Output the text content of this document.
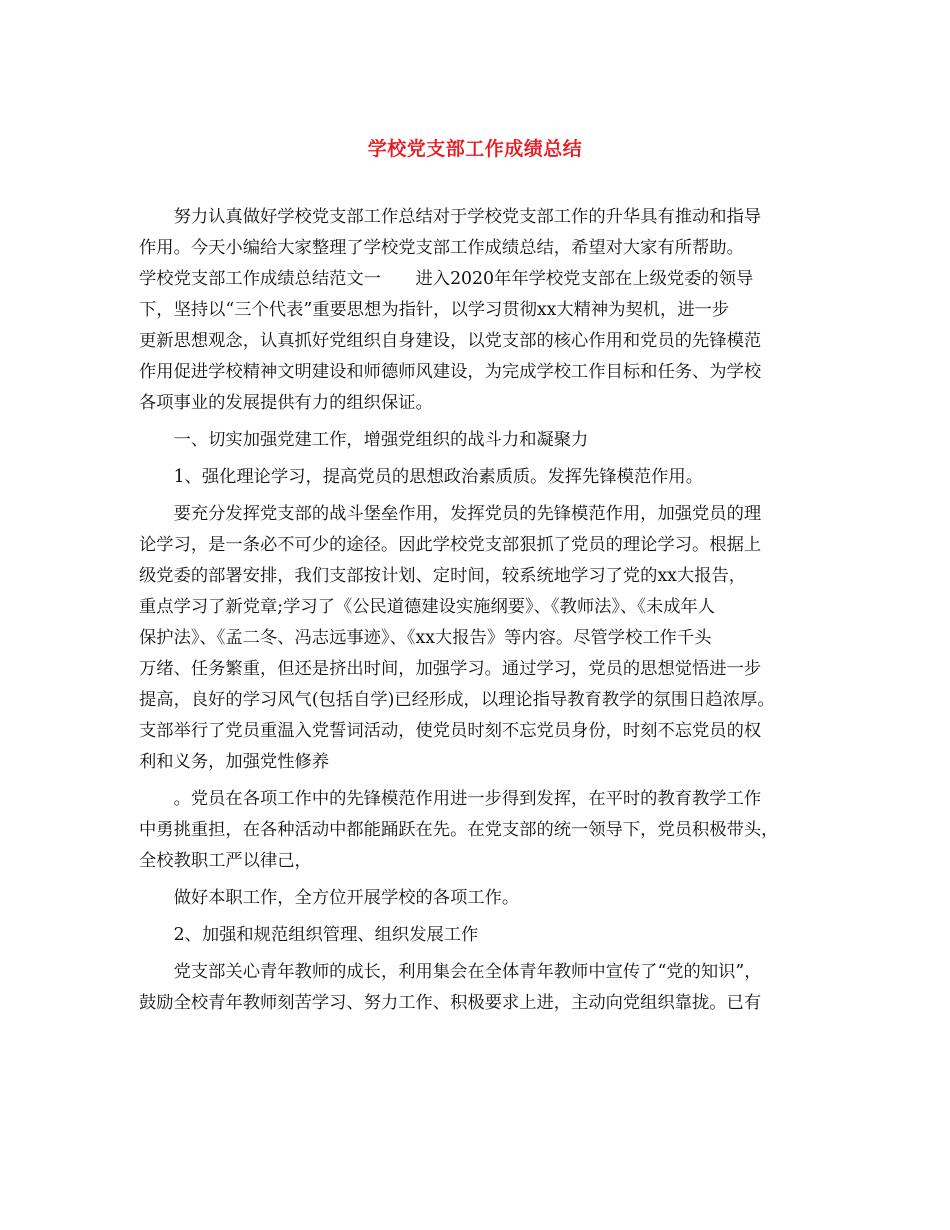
学校党支部工作成绩总结
　　努力认真做好学校党支部工作总结对于学校党支部工作的升华具有推动和指导
作用。今天小编给大家整理了学校党支部工作成绩总结，希望对大家有所帮助。
学校党支部工作成绩总结范文一　　进入2020年年学校党支部在上级党委的领导
下，坚持以“三个代表”重要思想为指针，以学习贯彻xx大精神为契机，进一步
更新思想观念，认真抓好党组织自身建设，以党支部的核心作用和党员的先锋模范
作用促进学校精神文明建设和师德师风建设，为完成学校工作目标和任务、为学校
各项事业的发展提供有力的组织保证。
　　一、切实加强党建工作，增强党组织的战斗力和凝聚力
　　1、强化理论学习，提高党员的思想政治素质质。发挥先锋模范作用。
　　要充分发挥党支部的战斗堡垒作用，发挥党员的先锋模范作用，加强党员的理
论学习，是一条必不可少的途径。因此学校党支部狠抓了党员的理论学习。根据上
级党委的部署安排，我们支部按计划、定时间，较系统地学习了党的xx大报告，
重点学习了新党章;学习了《公民道德建设实施纲要》、《教师法》、《未成年人
保护法》、《孟二冬、冯志远事迹》、《xx大报告》等内容。尽管学校工作千头
万绪、任务繁重，但还是挤出时间，加强学习。通过学习，党员的思想觉悟进一步
提高，良好的学习风气(包括自学)已经形成，以理论指导教育教学的氛围日趋浓厚。
支部举行了党员重温入党誓词活动，使党员时刻不忘党员身份，时刻不忘党员的权
利和义务，加强党性修养
　　。党员在各项工作中的先锋模范作用进一步得到发挥，在平时的教育教学工作
中勇挑重担，在各种活动中都能踊跃在先。在党支部的统一领导下，党员积极带头，
全校教职工严以律己，
　　做好本职工作，全方位开展学校的各项工作。
　　2、加强和规范组织管理、组织发展工作
　　党支部关心青年教师的成长，利用集会在全体青年教师中宣传了“党的知识”，
鼓励全校青年教师刻苦学习、努力工作、积极要求上进，主动向党组织靠拢。已有
